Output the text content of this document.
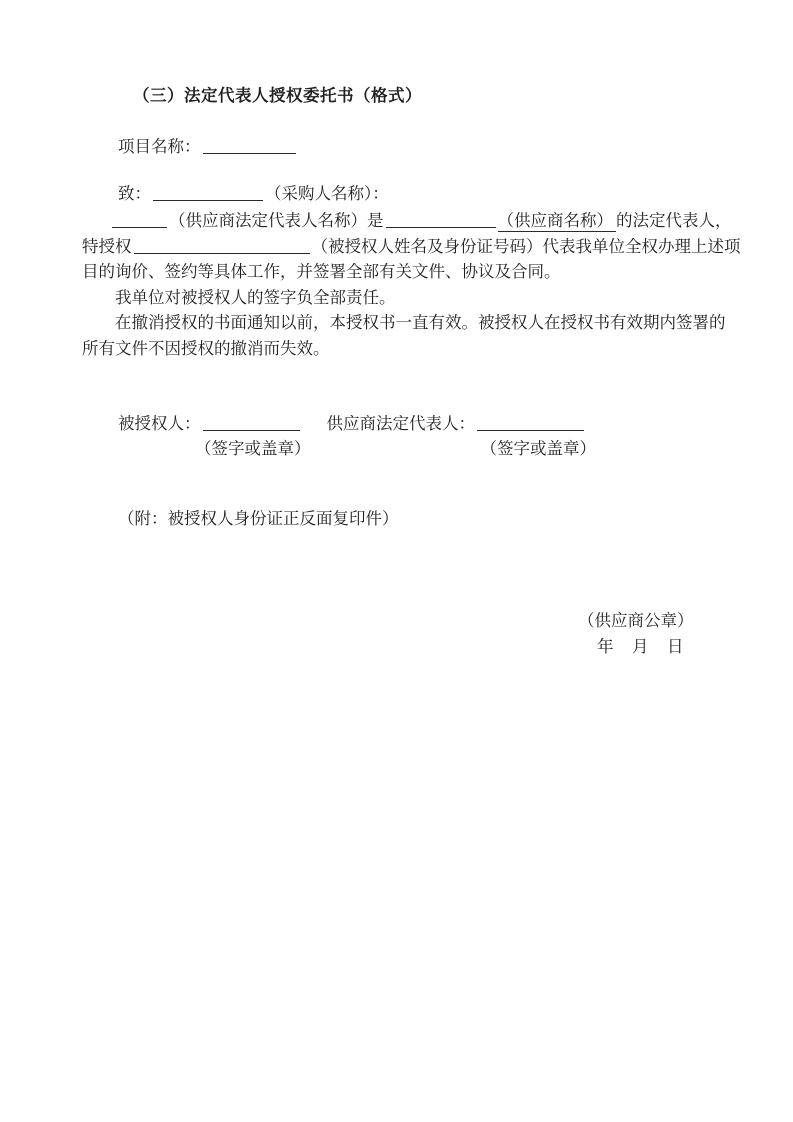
（三）法定代表人授权委托书（格式）
项目名称：
致：	（采购人名称）：
（供应商法定代表人名称）是	（供应商名称） 的法定代表人，
特授权	（被授权人姓名及身份证号码）代表我单位全权办理上述项
目的询价、签约等具体工作，并签署全部有关文件、协议及合同。
我单位对被授权人的签字负全部责任。
在撤消授权的书面通知以前，本授权书一直有效。被授权人在授权书有效期内签署的
所有文件不因授权的撤消而失效。
被授权人：	供应商法定代表人：
（签字或盖章）	（签字或盖章）
（附：被授权人身份证正反面复印件）
（供应商公章）
年　月　日
